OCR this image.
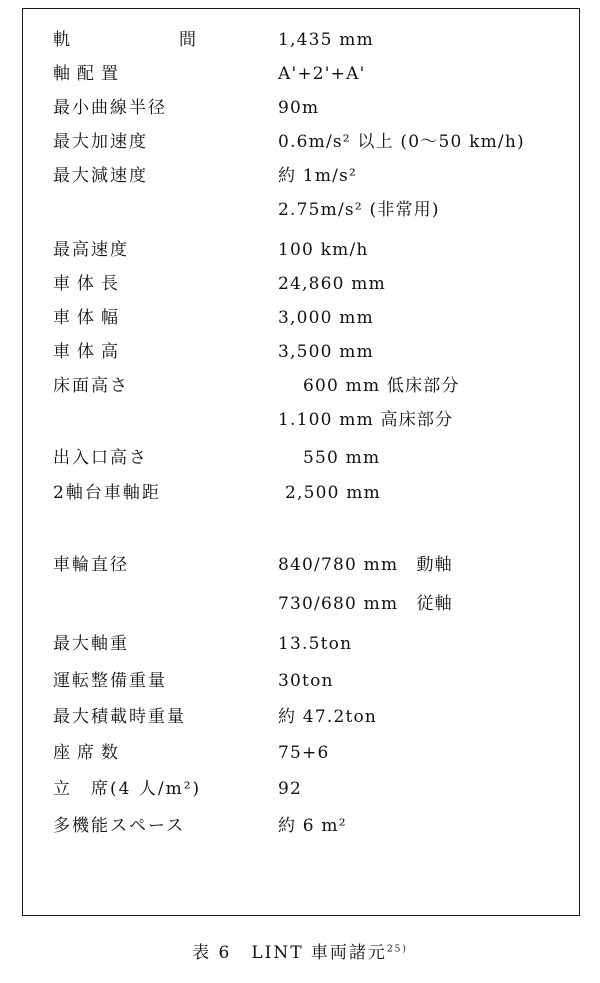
軌　間 1,435 mm
軸配置	A'+2'+A'
最小曲線半径	90m
最大加速度	0.6m/s² 以上 (0〜50 km/h)
最大減速度	約 1m/s²
2.75m/s² (非常用)
最高速度	100 km/h
車体長	24,860 mm
車体幅	3,000 mm
車体高	3,500 mm
床面高さ	600 mm 低床部分
1.100 mm 高床部分
出入口高さ	550 mm
2軸台車軸距	2,500 mm
車輪直径	840/780 mm　動軸
730/680 mm　従軸
最大軸重	13.5ton
運転整備重量	30ton
最大積載時重量	約 47.2ton
座席数	75+6
立　席(4 人/m²)	92
多機能スペース	約 6 m²
表 6 LINT 車両諸元$^{25)}$
